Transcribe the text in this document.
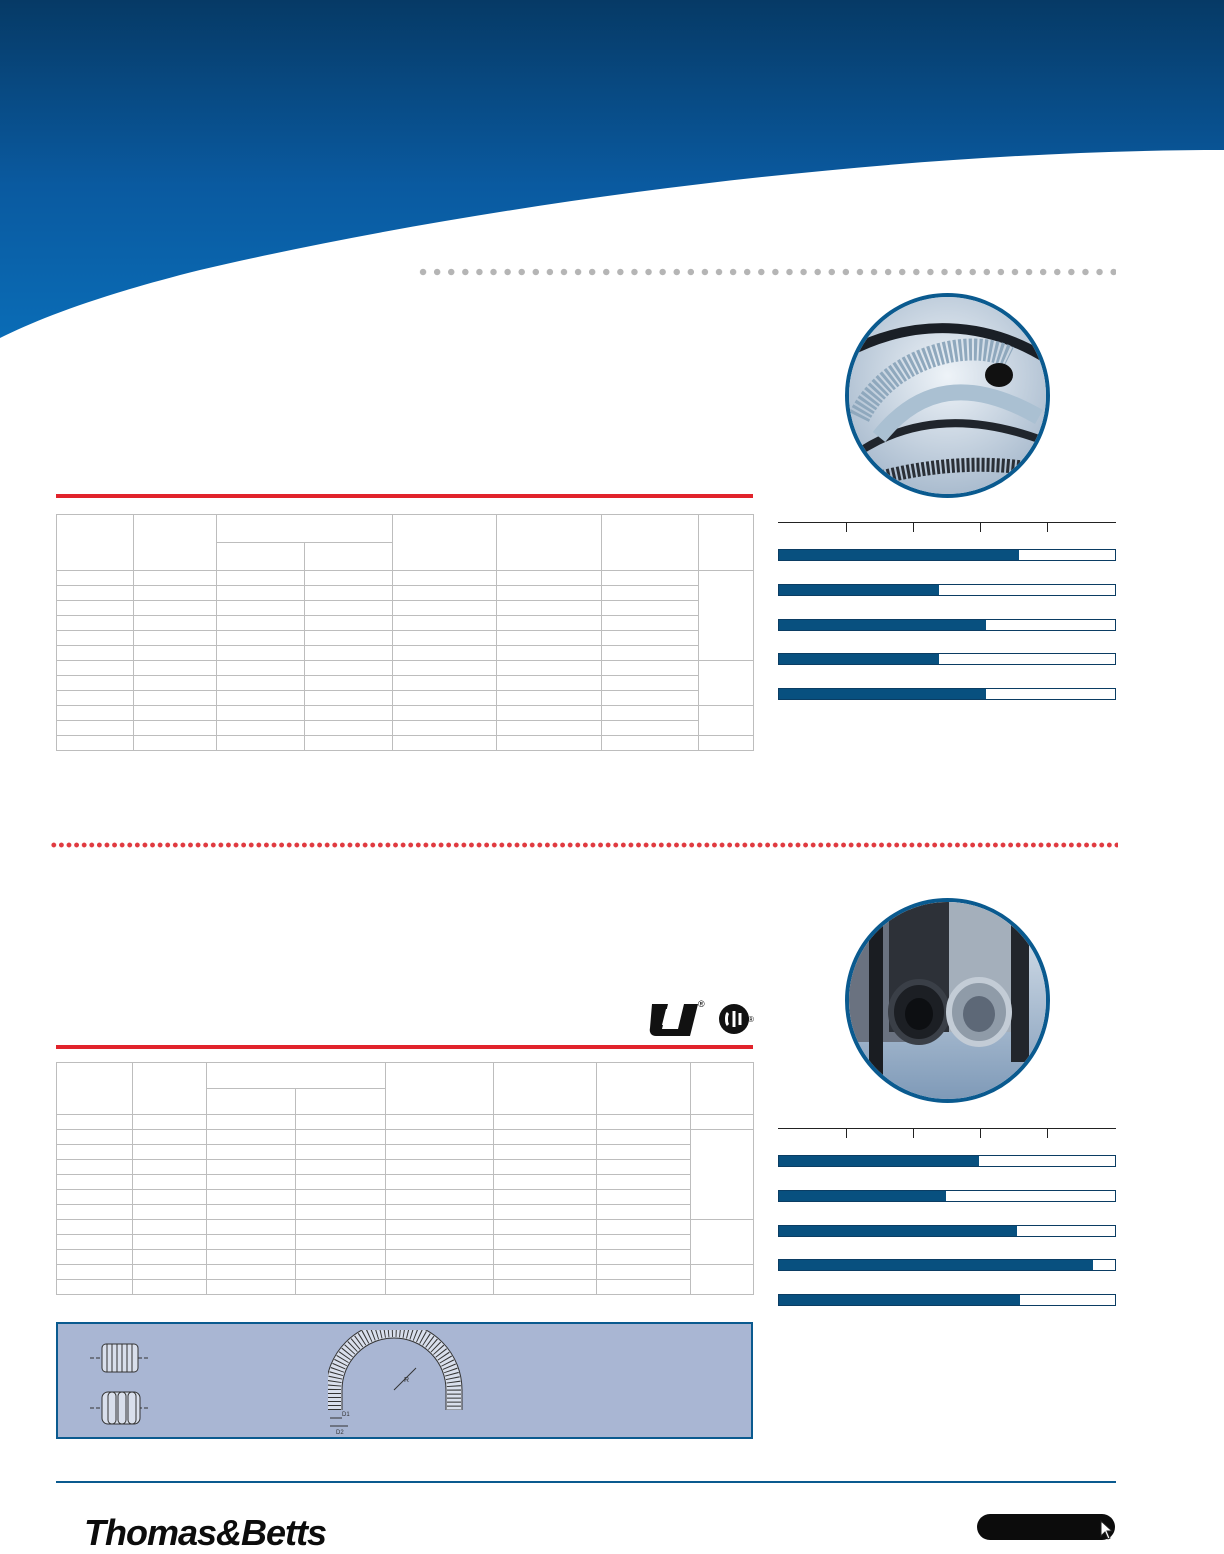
®
®

R
D1
D2
Thomas&Betts
